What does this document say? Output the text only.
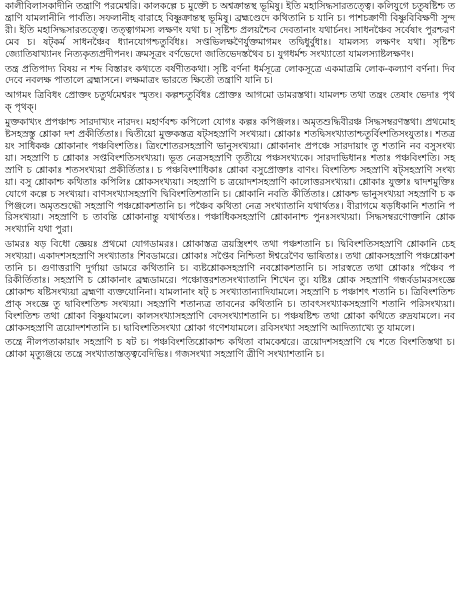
কালীবিলাসকাদীনি তন্ত্রাণি পরমেশ্বরি। কালকল্পে চ মুক্তৌ চ অশ্বক্রান্তস্থ ভূমিষু। ইতি মহাসিদ্ধসারতত্ত্বে। কলিযুগে চতুষষ্টিশ্চ তন্ত্রাণি যামলানীনি পার্বতি। সফলানীহ বারাহে বিষ্ণুক্রান্তস্থ ভূমিষু। ব্রহ্মণ্ডেদে কথিতানি চ যানি চ। পাশচক্রাণী বিষ্ণুবিবিক্ষণী সুন্দরী। ইতি মহাসিদ্ধসারতত্ত্বে। তত্ত্বাগমস্য লক্ষণং যথা চ। সৃষ্টিশ্চ প্রলয়শ্চৈব দেবতানাং যথার্চনং। সাধনঞ্চৈব সর্বেষাং পুরশ্চরণমেব চ। ষট্কর্ম সাধনঞ্চৈব ধ্যানযোগশ্চতুর্বিধঃ। সপ্তভিলক্ষণৈর্যুক্তমাগমং তদ্বিধুর্বুধাঃ। যামলস্য লক্ষণং যথা। সৃষ্টিশ্চ জ্যোতিষাখ্যানং নিত্যকৃত্যপ্রদীপনং। ক্রমসূত্রং বর্ণভেদো জাতিভেদস্তথৈব চ। যুগধর্মশ্চ সংখ্যাতো যামলস্যাষ্টলক্ষণং।

তন্ত্র প্রতিপাদ্য বিষয় ন শব্দ বিস্তারং কথ্যতে বর্ষণীতকথা। সৃষ্টি বর্ণনা ধর্মসূত্রে লোকসূত্রে একমাত্রমি লোক-কল্যাণ বর্ণনা। দিব দেবে নবলক্ষ পাতালে ব্রহ্মাসনে। লক্ষমাত্রং ভারতে ক্ষিতৌ তন্ত্রাণি যানি চ।

আগমং ত্রিবিধং প্রোক্তং চতুর্থমেশ্বরং স্মৃতং। কল্পশ্চতুর্বিধঃ প্রোক্তঃ আগমো ডামরস্তথা। যামলশ্চ তথা তন্ত্রং তেষাং ভেদাঃ পৃথক্ পৃথক্।

মুক্তকাখ্যং প্রপঞ্চাশ্চ সারদাখ্যং নারদং। মহার্ণবশ্চ কপিলো যোগঃ কল্পঃ কপিঞ্জলঃ। অমৃতশুদ্ধিবীরঞ্চ সিদ্ধসম্বরণস্তথা। প্রথমোহষ্টসহস্রস্তু শ্লোকা দশ প্রকীর্তিতাঃ। দ্বিতীয়ো মুক্তকস্তত্র ষট্সহস্রাণি সংখ্যয়া। শ্লোকাঃ শতদ্বিসংখ্যাতাশ্চতুর্বিংশতিসংযুতাঃ। শতত্রয়ং সাধিকঞ্চ শ্লোকানাং পঞ্চবিংশতিঃ। ত্রিংশোতরসহস্রাণি ভানুসংখ্যয়া। শ্লোকানাং প্রপঞ্চে সারদায়াং তু শতানি নব বসুসংখ্যয়া। সহস্রাণি চ শ্লোকাঃ সপ্তবিংশতিসংখ্যয়া। ভূত নেত্রসহস্রাণি তৃতীয়ে পঞ্চসংখ্যকে। সারদাভিধানঃ শতাঃ পঞ্চবিংশতি। সহস্রাণি চ শ্লোকাঃ শতসংখ্যয়া প্রকীর্তিতাঃ। চ পঞ্চবিংশাধিকাঃ শ্লোকা বসুপ্রোক্তাঃ বাণং। বিংশতিশ্চ সহস্রাণি ষট্সহস্রাণি সংখ্যয়া। বসু শ্লোকাশ্চ কথিতাঃ কপিলিঃ শ্লোকসংখ্যয়া। সহস্রাণি চ ত্রয়োদশসহস্রাণি কালোত্তরসংখ্যয়া। শ্লোকাঃ যুক্তাঃ দ্বাদশমুক্তিঃ যোগে কল্পে চ সংখ্যয়া। বাণসংখ্যাসহস্রাণি দ্বিবিংশতিশতানি চ। শ্লোকানি নবতি কীর্তিতাঃ। শ্লোকশ্চ ভানুসংখ্যয়া সহস্রাণি চ কপিঞ্জলে। অমৃতশুদ্ধৌ সহস্রাণি পঞ্চশ্লোকশতানি চ। পঞ্চৈব কথিতা নেত্র সংখ্যাতানি যথার্থতঃ। বীরাগমে ষড়ধিকানি শতানি পরিসংখ্যয়া। সহস্রাণি চ তাবন্তি শ্লোকানান্তু যথার্থতঃ। পঞ্চাধিকসহস্রাণি শ্লোকানাশ্চ পুনঃসংখ্যয়া। সিদ্ধসম্বরণোক্তানি শ্লোকসংখ্যানি যথা পুরা।

ডামরঃ ষড় বিধো জ্ঞেয়ঃ প্রথমো যোগডামরঃ। শ্লোকাস্তত্র ত্রয়স্ত্রিংশৎ তথা পঞ্চশতানি চ। দ্বিবিংশতিসহস্রাণি শ্লোকানি চেহ সংখ্যয়া। একাদশসহস্রাণি সংখ্যাতাঃ শিবডামরে। শ্লোকাঃ সপ্তৈব নিশ্চিতা ঈশ্বরেণৈব ভাষিতাঃ। তথা শ্লোকসহস্রাণি পঞ্চশ্লোকশতানি চ। গুণাত্তরাণি দুর্গায়া ডামরে কথিতানি চ। ব্যষ্টশ্লোকসহস্রাণি নবশ্লোকশতানি চ। সারস্বতে তথা শ্লোকাঃ পঞ্চৈব পরিকীর্তিতাঃ। সহস্রাণি চ শ্লোকানাং ব্রহ্মডামরে। পঞ্চোত্তরশতসংখ্যাতানি শিখেন তু। যষ্টিঃ শ্লোক সহস্রাণি গন্ধর্বডামরসংজ্ঞে শ্লোকাশ্চ ষষ্টিসংখ্যয়া ব্রহ্মণা ব্যক্তযোনিনা। যামলানাং ষট্ চ সংখ্যাতান্যাদিযামলে। সহস্রাণি চ পঞ্চাশৎ শতানি চ। ত্রিবিংশতিশ্চ প্রাক্ সংজ্ঞে তু দ্বাবিংশতিশ্চ সংখ্যয়া। সহস্রাণি শতান্যত্র তাবনের কথিতানি চ। তাবৎসংখ্যাকসহস্রাণি শতানি পরিসংখ্যয়া। বিংশতিশ্চ তথা শ্লোকা বিষ্ণুযামলে। কালসংখ্যাসহস্রাণি বেদসংখ্যাশতানি চ। পঞ্চষষ্টিশ্চ তথা শ্লোকা কথিতে রুদ্রযামলে। নবশ্লোকসহস্রাণি ত্রয়োদশশতানি চ। দ্বাবিংশতিসংখ্যা শ্লোকা গণেশযামলে। রবিসংখ্যা সহস্রাণি আদিত্যাখ্যে তু যামলে।

তন্ত্রে নীলপতাকায়াং সহস্রাণি চ ষট চ। পঞ্চবিংশতিশ্লোকাশ্চ কথিতা বামকেশ্বরে। ত্রয়োদশসহস্রাণি দ্বে শতে বিংশতিস্তথা চ। শ্লোকা মৃত্যুঞ্জয়ে তন্ত্রে সংখ্যাতাস্তত্ত্ববেদিভিঃ। গজসংখ্যা সহস্রাণি ত্রীণি সংখ্যাশতানি চ।
